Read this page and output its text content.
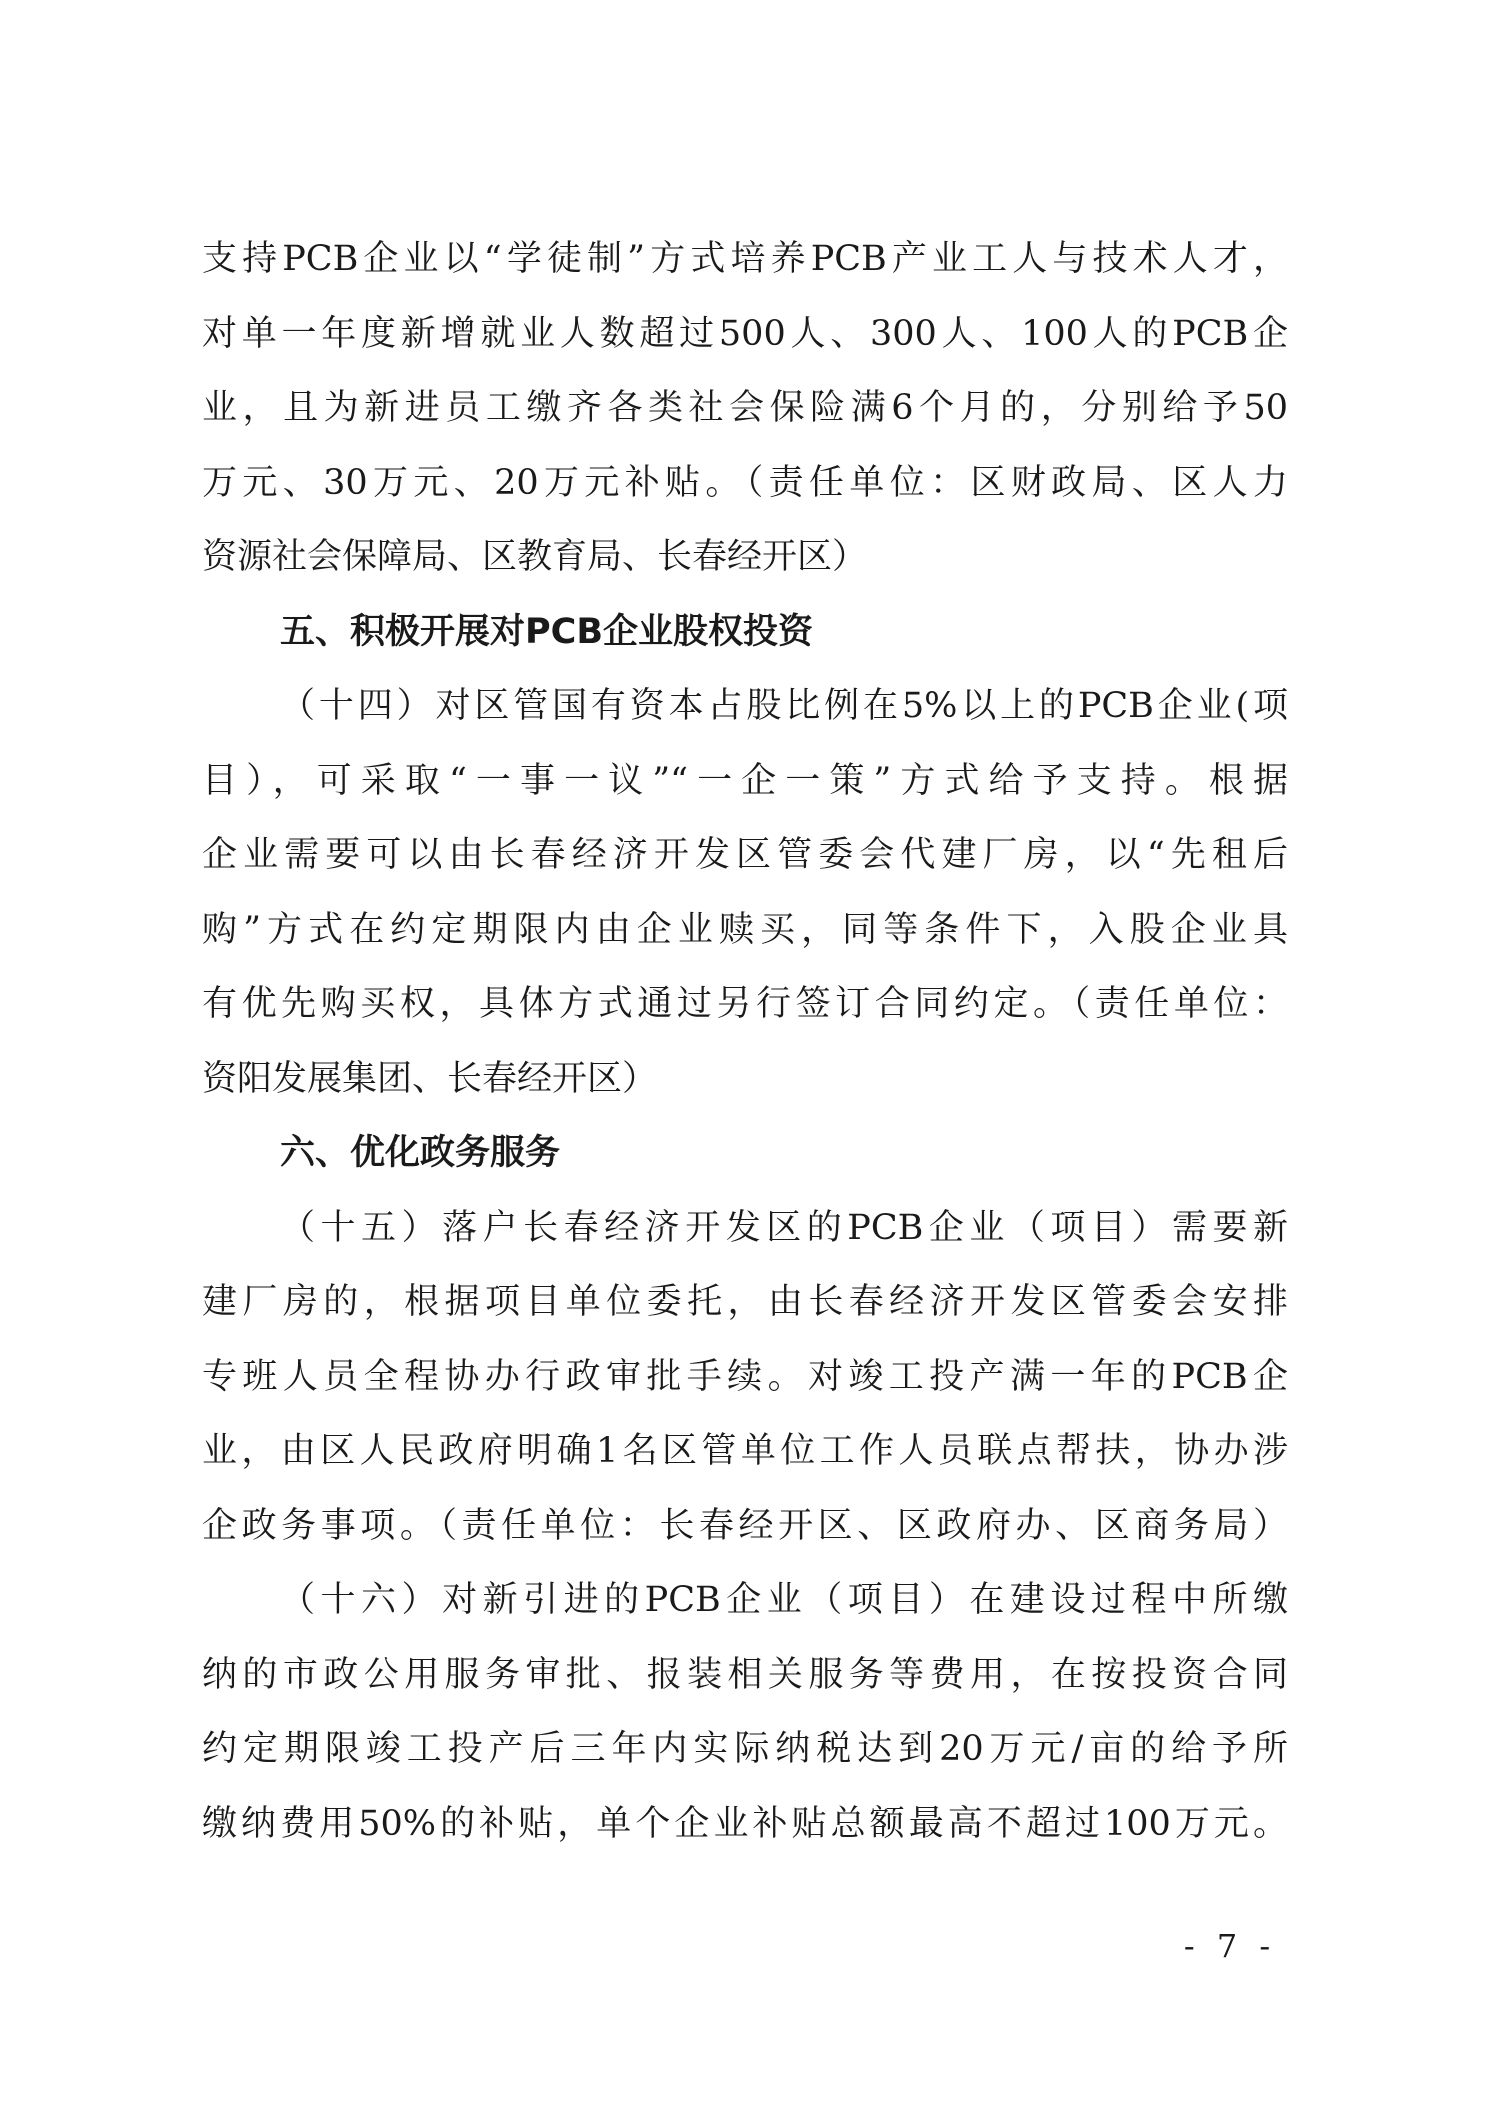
支持PCB企业以“学徒制”方式培养PCB产业工人与技术人才，
对单一年度新增就业人数超过500人、300人、100人的PCB企
业，且为新进员工缴齐各类社会保险满6个月的，分别给予50
万元、30万元、20万元补贴。（责任单位：区财政局、区人力
资源社会保障局、区教育局、长春经开区）
五、积极开展对PCB企业股权投资
（十四）对区管国有资本占股比例在5%以上的PCB企业(项
目），可采取“一事一议”“一企一策”方式给予支持。根据
企业需要可以由长春经济开发区管委会代建厂房，以“先租后
购”方式在约定期限内由企业赎买，同等条件下，入股企业具
有优先购买权，具体方式通过另行签订合同约定。（责任单位：
资阳发展集团、长春经开区）
六、优化政务服务
（十五）落户长春经济开发区的PCB企业（项目）需要新
建厂房的，根据项目单位委托，由长春经济开发区管委会安排
专班人员全程协办行政审批手续。对竣工投产满一年的PCB企
业，由区人民政府明确1名区管单位工作人员联点帮扶，协办涉
企政务事项。（责任单位：长春经开区、区政府办、区商务局）
（十六）对新引进的PCB企业（项目）在建设过程中所缴
纳的市政公用服务审批、报装相关服务等费用，在按投资合同
约定期限竣工投产后三年内实际纳税达到20万元/亩的给予所
缴纳费用50%的补贴，单个企业补贴总额最高不超过100万元。
- 7 -
